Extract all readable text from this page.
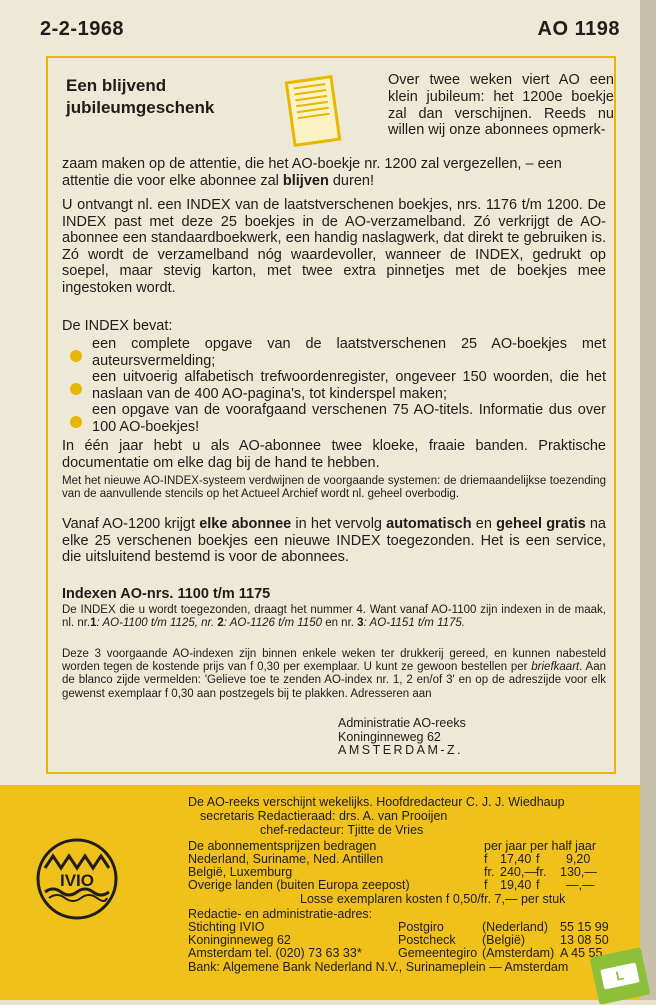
2-2-1968	AO 1198
Een blijvend jubileumgeschenk
Over twee weken viert AO een klein jubileum: het 1200e boekje zal dan verschijnen. Reeds nu willen wij onze abonnees opmerk-
zaam maken op de attentie, die het AO-boekje nr. 1200 zal vergezellen, – een attentie die voor elke abonnee zal blijven duren!
U ontvangt nl. een INDEX van de laatstverschenen boekjes, nrs. 1176 t/m 1200. De INDEX past met deze 25 boekjes in de AO-verzamelband. Zó verkrijgt de AO-abonnee een standaardboekwerk, een handig naslagwerk, dat direkt te gebruiken is. Zó wordt de verzamelband nóg waardevoller, wanneer de INDEX, gedrukt op soepel, maar stevig karton, met twee extra pinnetjes met de boekjes mee ingestoken wordt.
De INDEX bevat:
een complete opgave van de laatstverschenen 25 AO-boekjes met auteursvermelding;
een uitvoerig alfabetisch trefwoordenregister, ongeveer 150 woorden, die het naslaan van de 400 AO-pagina's, tot kinderspel maken;
een opgave van de voorafgaand verschenen 75 AO-titels. Informatie dus over 100 AO-boekjes!
In één jaar hebt u als AO-abonnee twee kloeke, fraaie banden. Praktische documentatie om elke dag bij de hand te hebben.
Met het nieuwe AO-INDEX-systeem verdwijnen de voorgaande systemen: de driemaandelijkse toezending van de aanvullende stencils op het Actueel Archief wordt nl. geheel overbodig.
Vanaf AO-1200 krijgt elke abonnee in het vervolg automatisch en geheel gratis na elke 25 verschenen boekjes een nieuwe INDEX toegezonden. Het is een service, die uitsluitend bestemd is voor de abonnees.
Indexen AO-nrs. 1100 t/m 1175
De INDEX die u wordt toegezonden, draagt het nummer 4. Want vanaf AO-1100 zijn indexen in de maak, nl. nr.1: AO-1100 t/m 1125, nr. 2: AO-1126 t/m 1150 en nr. 3: AO-1151 t/m 1175.
Deze 3 voorgaande AO-indexen zijn binnen enkele weken ter drukkerij gereed, en kunnen nabesteld worden tegen de kostende prijs van f 0,30 per exemplaar. U kunt ze gewoon bestellen per briefkaart. Aan de blanco zijde vermelden: 'Gelieve toe te zenden AO-index nr. 1, 2 en/of 3' en op de adreszijde voor elk gewenst exemplaar f 0,30 aan postzegels bij te plakken. Adresseren aan
Administratie AO-reeks
Koninginneweg 62
AMSTERDAM-Z.
IVIO
De AO-reeks verschijnt wekelijks. Hoofdredacteur C. J. J. Wiedhaup
secretaris Redactieraad: drs. A. van Prooijen
chef-redacteur: Tjitte de Vries
De abonnementsprijzen bedragen	per jaar per half jaar
Nederland, Suriname, Ned. Antillen	f 17,40 f 9,20
België, Luxemburg	fr. 240,— fr. 130,—
Overige landen (buiten Europa zeepost)	f 19,40 f —,—
Losse exemplaren kosten f 0,50/fr. 7,— per stuk
Redactie- en administratie-adres:
Stichting IVIO	Postgiro	(Nederland) 55 15 99
Koninginneweg 62	Postcheck (België)	13 08 50
Amsterdam tel. (020) 73 63 33*	Gemeentegiro (Amsterdam) A 45 55
Bank: Algemene Bank Nederland N.V., Surinameplein — Amsterdam
L
